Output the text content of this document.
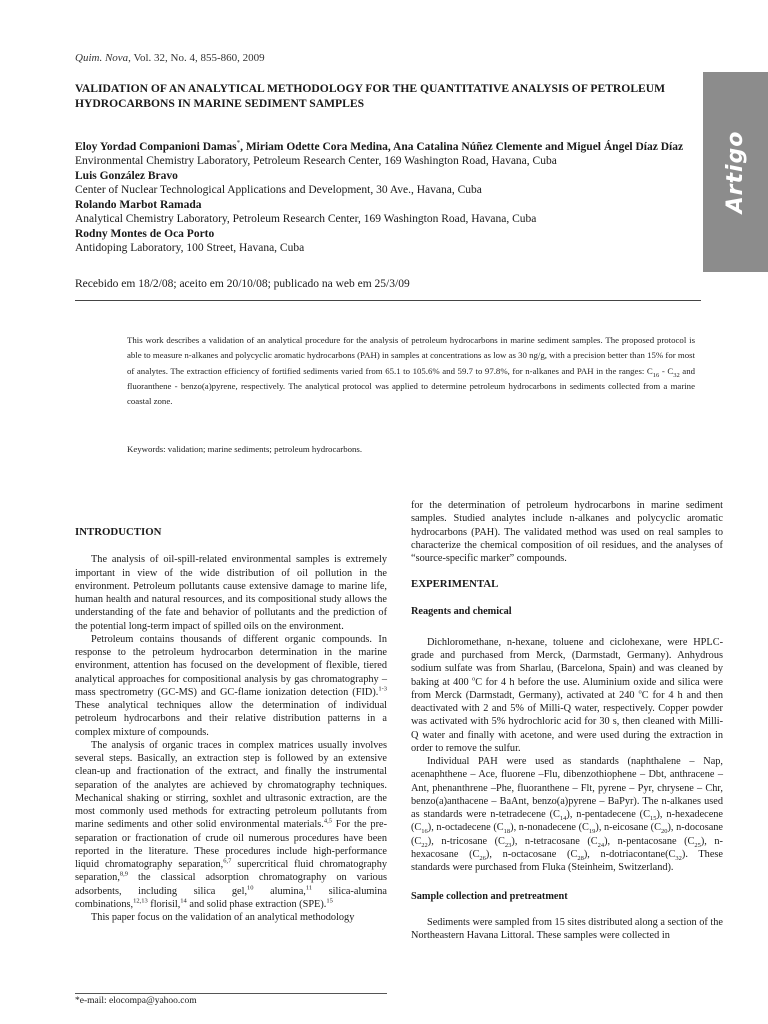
Quim. Nova, Vol. 32, No. 4, 855-860, 2009
Artigo
VALIDATION OF AN ANALYTICAL METHODOLOGY FOR THE QUANTITATIVE ANALYSIS OF PETROLEUM HYDROCARBONS IN MARINE SEDIMENT SAMPLES
Eloy Yordad Companioni Damas*, Miriam Odette Cora Medina, Ana Catalina Núñez Clemente and Miguel Ángel Díaz Díaz
Environmental Chemistry Laboratory, Petroleum Research Center, 169 Washington Road, Havana, Cuba
Luis González Bravo
Center of Nuclear Technological Applications and Development, 30 Ave., Havana, Cuba
Rolando Marbot Ramada
Analytical Chemistry Laboratory, Petroleum Research Center, 169 Washington Road, Havana, Cuba
Rodny Montes de Oca Porto
Antidoping Laboratory, 100 Street, Havana, Cuba
Recebido em 18/2/08; aceito em 20/10/08; publicado na web em 25/3/09
This work describes a validation of an analytical procedure for the analysis of petroleum hydrocarbons in marine sediment samples. The proposed protocol is able to measure n-alkanes and polycyclic aromatic hydrocarbons (PAH) in samples at concentrations as low as 30 ng/g, with a precision better than 15% for most of analytes. The extraction efficiency of fortified sediments varied from 65.1 to 105.6% and 59.7 to 97.8%, for n-alkanes and PAH in the ranges: $C_{16} - C_{32}$ and fluoranthene - benzo(a)pyrene, respectively. The analytical protocol was applied to determine petroleum hydrocarbons in sediments collected from a marine coastal zone.
Keywords: validation; marine sediments; petroleum hydrocarbons.

INTRODUCTION

The analysis of oil-spill-related environmental samples is extremely important in view of the wide distribution of oil pollution in the environment. Petroleum pollutants cause extensive damage to marine life, human health and natural resources, and its compositional study allows the understanding of the fate and behavior of pollutants and the prediction of the potential long-term impact of spilled oils on the environment.

Petroleum contains thousands of different organic compounds. In response to the petroleum hydrocarbon determination in the marine environment, attention has focused on the development of flexible, tiered analytical approaches for compositional analysis by gas chromatography – mass spectrometry (GC-MS) and GC-flame ionization detection (FID).$^{1-3}$ These analytical techniques allow the determination of individual petroleum hydrocarbons and their relative distribution patterns in a complex mixture of compounds.

The analysis of organic traces in complex matrices usually involves several steps. Basically, an extraction step is followed by an extensive clean-up and fractionation of the extract, and finally the instrumental separation of the analytes are achieved by chromatography techniques. Mechanical shaking or stirring, soxhlet and ultrasonic extraction, are the most commonly used methods for extracting petroleum pollutants from marine sediments and other solid environmental materials.$^{4,5}$ For the pre-separation or fractionation of crude oil numerous procedures have been reported in the literature. These procedures include high-performance liquid chromatography separation,$^{6,7}$ supercritical fluid chromatography separation,$^{8,9}$ the classical adsorption chromatography on various adsorbents, including silica gel,$^{10}$ alumina,$^{11}$ silica-alumina combinations,$^{12,13}$ florisil,$^{14}$ and solid phase extraction (SPE).$^{15}$

This paper focus on the validation of an analytical methodology

for the determination of petroleum hydrocarbons in marine sediment samples. Studied analytes include n-alkanes and polycyclic aromatic hydrocarbons (PAH). The validated method was used on real samples to characterize the chemical composition of oil residues, and the analyses of “source-specific marker” compounds.

EXPERIMENTAL

Reagents and chemical

Dichloromethane, n-hexane, toluene and ciclohexane, were HPLC-grade and purchased from Merck, (Darmstadt, Germany). Anhydrous sodium sulfate was from Sharlau, (Barcelona, Spain) and was cleaned by baking at 400 $^o$C for 4 h before the use. Aluminium oxide and silica were from Merck (Darmstadt, Germany), activated at 240 $^o$C for 4 h and then deactivated with 2 and 5% of Milli-Q water, respectively. Copper powder was activated with 5% hydrochloric acid for 30 s, then cleaned with Milli-Q water and finally with acetone, and were used during the extraction in order to remove the sulfur.

Individual PAH were used as standards (naphthalene – Nap, acenaphthene – Ace, fluorene –Flu, dibenzothiophene – Dbt, anthracene – Ant, phenanthrene –Phe, fluoranthene – Flt, pyrene – Pyr, chrysene – Chr, benzo(a)anthacene – BaAnt, benzo(a)pyrene – BaPyr). The n-alkanes used as standards were n-tetradecene $(C_{14})$, n-pentadecene $(C_{15})$, n-hexadecene $(C_{16})$, n-octadecene $(C_{18})$, n-nonadecene $(C_{19})$, n-eicosane $(C_{20})$, n-docosane $(C_{22})$, n-tricosane $(C_{23})$, n-tetracosane $(C_{24})$, n-pentacosane $(C_{25})$, n-hexacosane $(C_{26})$, n-octacosane $(C_{28})$, $n-dotriacontane(C_{32})$. These standards were purchased from Fluka (Steinheim, Switzerland).

Sample collection and pretreatment

Sediments were sampled from 15 sites distributed along a section of the Northeastern Havana Littoral. These samples were collected in

*e-mail: elocompa@yahoo.com
